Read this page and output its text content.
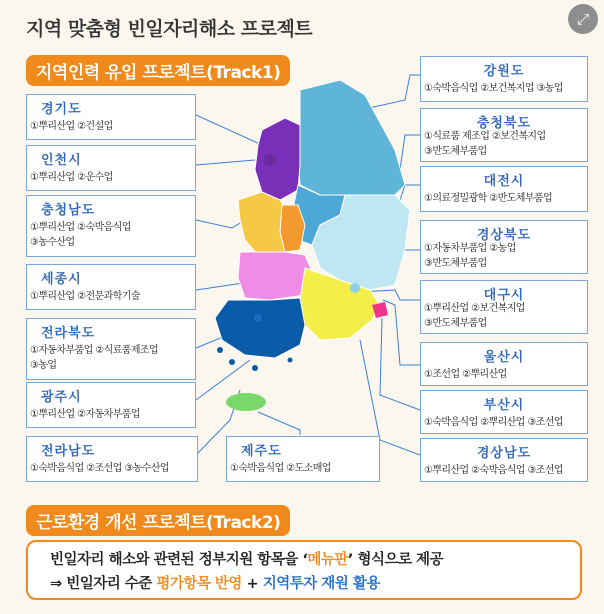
지역 맞춤형 빈일자리해소 프로젝트	⤢
지역인력 유입 프로젝트(Track1)
경기도
①뿌리산업 ②건설업
인천시
①뿌리산업 ②운수업
충청남도
①뿌리산업 ②숙박음식업
③농수산업
세종시
①뿌리산업 ②전문과학기술
전라북도
①자동차부품업 ②식료품제조업
③농업
광주시
①뿌리산업 ②자동차부품업
전라남도
①숙박음식업 ②조선업 ③농수산업
제주도
①숙박음식업 ②도소매업
강원도
①숙박음식업 ②보건복지업 ③농업
충청북도
①식료품 제조업 ②보건복지업
③반도체부품업
대전시
①의료정밀광학 ②반도체부품업
경상북도
①자동차부품업 ②농업
③반도체부품업
대구시
①뿌리산업 ②보건복지업
③반도체부품업
울산시
①조선업 ②뿌리산업
부산시
①숙박음식업 ②뿌리산업 ③조선업
경상남도
①뿌리산업 ②숙박음식업 ③조선업
근로환경 개선 프로젝트(Track2)
빈일자리 해소와 관련된 정부지원 항목을 ‘메뉴판’ 형식으로 제공
⇒ 빈일자리 수준 평가항목 반영 + 지역투자 재원 활용
